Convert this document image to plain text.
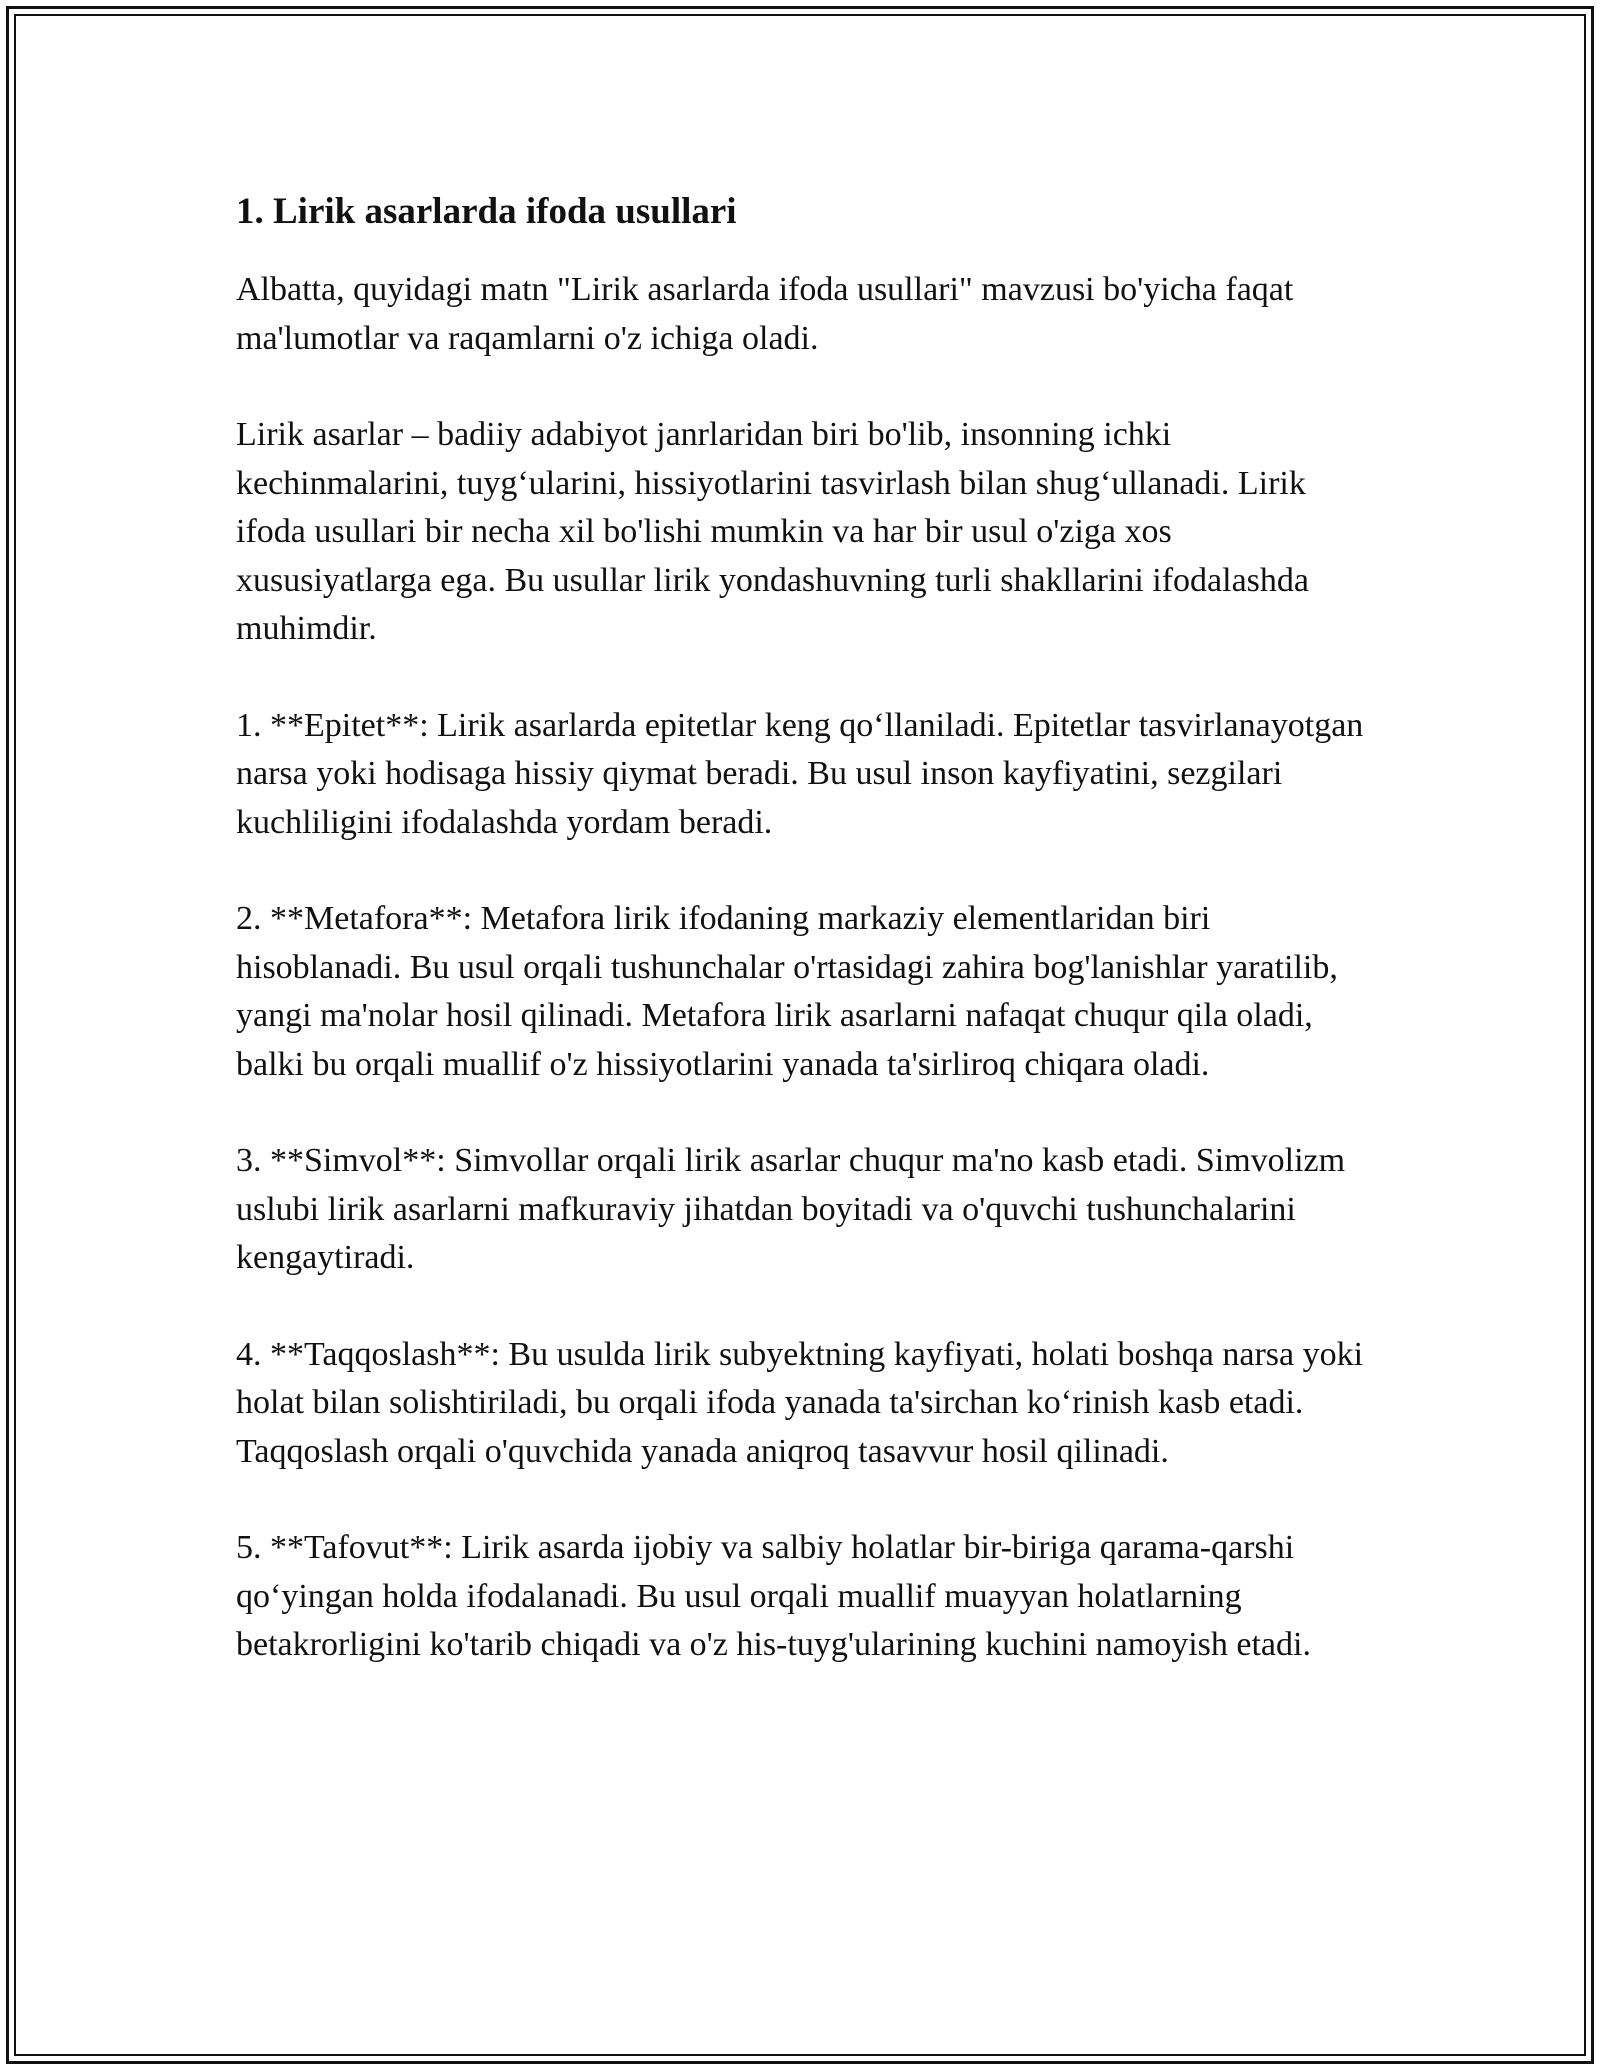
1. Lirik asarlarda ifoda usullari

Albatta, quyidagi matn "Lirik asarlarda ifoda usullari" mavzusi bo'yicha faqat ma'lumotlar va raqamlarni o'z ichiga oladi.

Lirik asarlar – badiiy adabiyot janrlaridan biri bo'lib, insonning ichki kechinmalarini, tuyg‘ularini, hissiyotlarini tasvirlash bilan shug‘ullanadi. Lirik ifoda usullari bir necha xil bo'lishi mumkin va har bir usul o'ziga xos xususiyatlarga ega. Bu usullar lirik yondashuvning turli shakllarini ifodalashda muhimdir.

1. **Epitet**: Lirik asarlarda epitetlar keng qo‘llaniladi. Epitetlar tasvirlanayotgan narsa yoki hodisaga hissiy qiymat beradi. Bu usul inson kayfiyatini, sezgilari kuchliligini ifodalashda yordam beradi.

2. **Metafora**: Metafora lirik ifodaning markaziy elementlaridan biri hisoblanadi. Bu usul orqali tushunchalar o'rtasidagi zahira bog'lanishlar yaratilib, yangi ma'nolar hosil qilinadi. Metafora lirik asarlarni nafaqat chuqur qila oladi, balki bu orqali muallif o'z hissiyotlarini yanada ta'sirliroq chiqara oladi.

3. **Simvol**: Simvollar orqali lirik asarlar chuqur ma'no kasb etadi. Simvolizm uslubi lirik asarlarni mafkuraviy jihatdan boyitadi va o'quvchi tushunchalarini kengaytiradi.

4. **Taqqoslash**: Bu usulda lirik subyektning kayfiyati, holati boshqa narsa yoki holat bilan solishtiriladi, bu orqali ifoda yanada ta'sirchan ko‘rinish kasb etadi. Taqqoslash orqali o'quvchida yanada aniqroq tasavvur hosil qilinadi.

5. **Tafovut**: Lirik asarda ijobiy va salbiy holatlar bir-biriga qarama-qarshi qo‘yingan holda ifodalanadi. Bu usul orqali muallif muayyan holatlarning betakrorligini ko'tarib chiqadi va o'z his-tuyg'ularining kuchini namoyish etadi.
